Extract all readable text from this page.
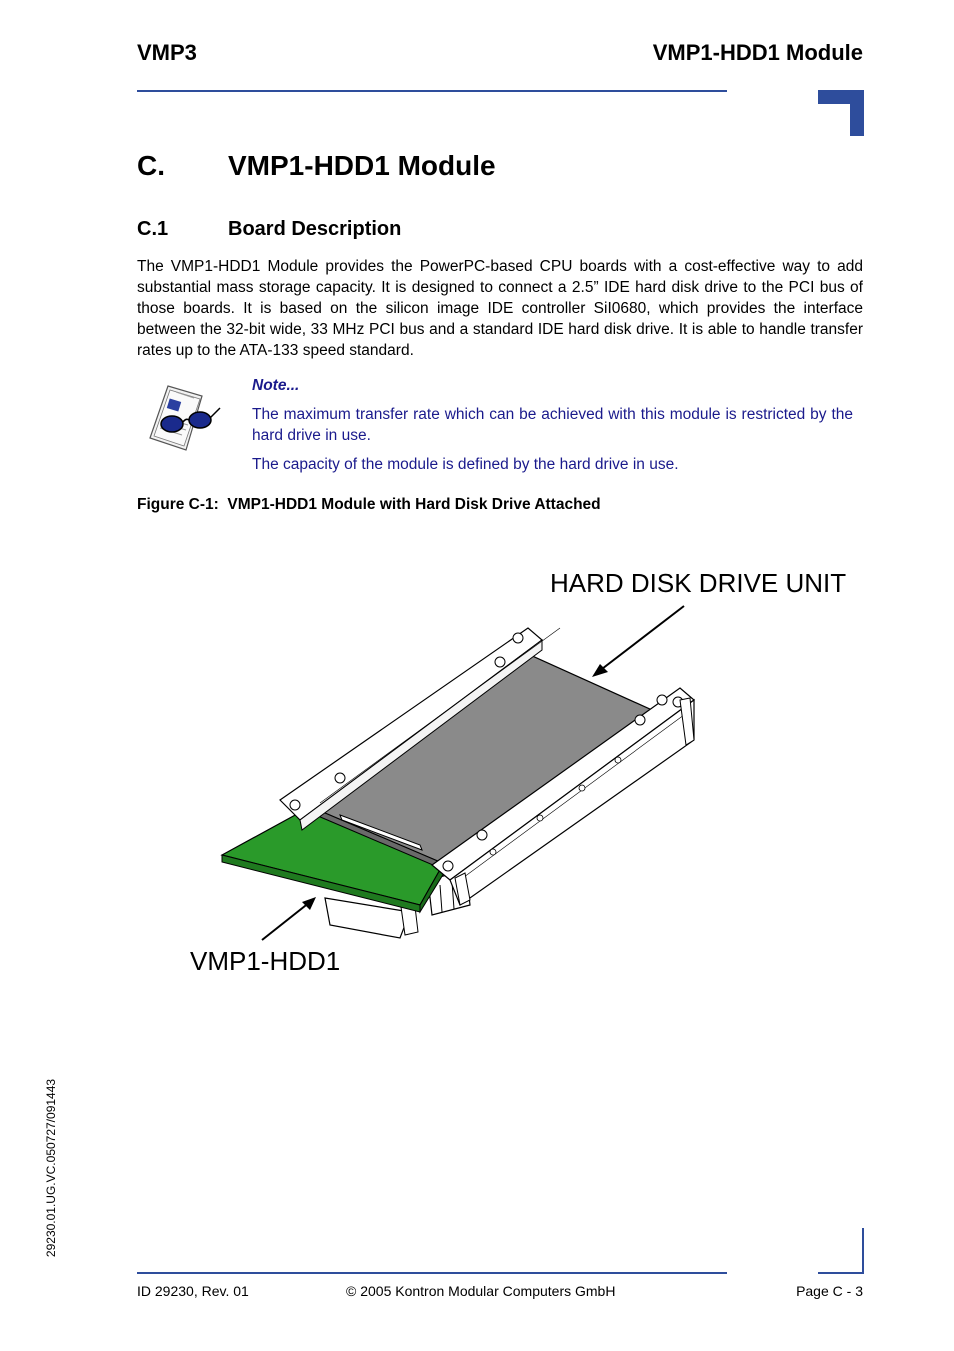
VMP3	VMP1-HDD1 Module
C. VMP1-HDD1 Module
C.1	Board Description
The VMP1-HDD1 Module provides the PowerPC-based CPU boards with a cost-effective way to add substantial mass storage capacity. It is designed to connect a 2.5” IDE hard disk drive to the PCI bus of those boards. It is based on the silicon image IDE controller SiI0680, which provides the interface between the 32-bit wide, 33 MHz PCI bus and a standard IDE hard disk drive. It is able to handle transfer rates up to the ATA-133 speed standard.
Note...
The maximum transfer rate which can be achieved with this module is restricted by the hard drive in use.
The capacity of the module is defined by the hard drive in use.
Figure C-1:  VMP1-HDD1 Module with Hard Disk Drive Attached
HARD DISK DRIVE UNIT
VMP1-HDD1
29230.01.UG.VC.050727/091443
ID 29230, Rev. 01	© 2005 Kontron Modular Computers GmbH	Page C - 3
